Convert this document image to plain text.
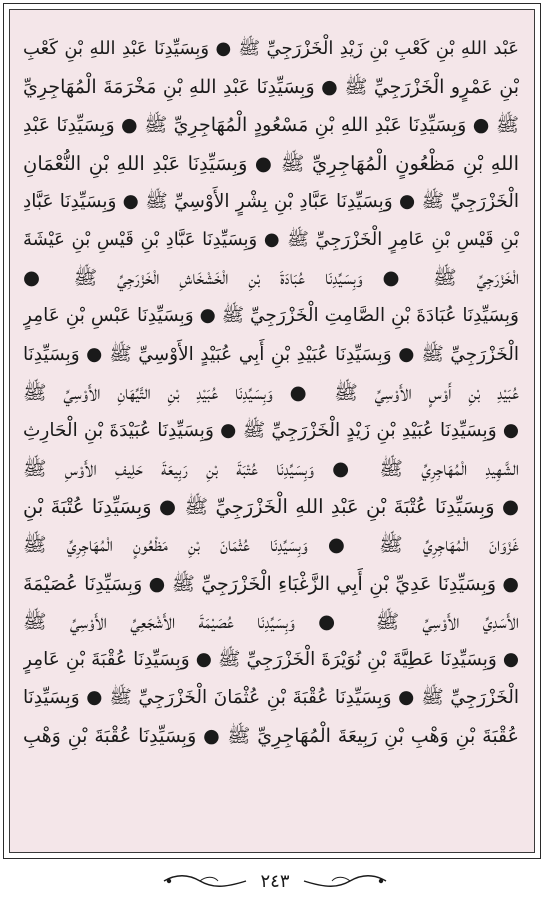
عَبْد اللهِ بْنِ كَعْبِ بْنِ زَيْدِ الْخَزْرَجِيِّ ﷺ ● وَبِسَيِّدِنَا عَبْدِ اللهِ بْنِ كَعْبِ
بْنِ عَمْرٍو الْخَزْرَجِيِّ ﷺ ● وَبِسَيِّدِنَا عَبْدِ اللهِ بْنِ مَخْرَمَةَ الْمُهَاجِرِيِّ
ﷺ ● وَبِسَيِّدِنَا عَبْدِ اللهِ بْنِ مَسْعُودٍ الْمُهَاجِرِيِّ ﷺ ● وَبِسَيِّدِنَا عَبْدِ
اللهِ بْنِ مَظْعُونٍ الْمُهَاجِرِيِّ ﷺ ● وَبِسَيِّدِنَا عَبْدِ اللهِ بْنِ النُّعْمَانِ
الْخَزْرَجِيِّ ﷺ ● وَبِسَيِّدِنَا عَبَّادِ بْنِ بِشْرٍ الأَوْسِيِّ ﷺ ● وَبِسَيِّدِنَا عَبَّادِ
بْنِ قَيْسِ بْنِ عَامِرٍ الْخَزْرَجِيِّ ﷺ ● وَبِسَيِّدِنَا عَبَّادِ بْنِ قَيْسِ بْنِ عَيْشَةَ
الْخَزْرَجِيِّ ﷺ ● وَبِسَيِّدِنَا عُبَادَةَ بْنِ الْخَشْخَاشِ الْخَزْرَجِيِّ ﷺ ●
وَبِسَيِّدِنَا عُبَادَةَ بْنِ الصَّامِتِ الْخَزْرَجِيِّ ﷺ ● وَبِسَيِّدِنَا عَبْسِ بْنِ عَامِرٍ
الْخَزْرَجِيِّ ﷺ ● وَبِسَيِّدِنَا عُبَيْدِ بْنِ أَبِي عُبَيْدٍ الأَوْسِيِّ ﷺ ● وَبِسَيِّدِنَا
عُبَيْدِ بْنِ أَوْسٍ الأَوْسِيِّ ﷺ ● وَبِسَيِّدِنَا عُبَيْدِ بْنِ التَّيِّهَانِ الأَوْسِيِّ ﷺ
● وَبِسَيِّدِنَا عُبَيْدِ بْنِ زَيْدٍ الْخَزْرَجِيِّ ﷺ ● وَبِسَيِّدِنَا عُبَيْدَةَ بْنِ الْحَارِثِ
الشَّهِيدِ الْمُهَاجِرِيِّ ﷺ ● وَبِسَيِّدِنَا عُتْبَةَ بْنِ رَبِيعَةَ حَلِيفِ الأَوْسِ ﷺ
● وَبِسَيِّدِنَا عُتْبَةَ بْنِ عَبْدِ اللهِ الْخَزْرَجِيِّ ﷺ ● وَبِسَيِّدِنَا عُتْبَةَ بْنِ
غَزْوَانَ الْمُهَاجِرِيِّ ﷺ ● وَبِسَيِّدِنَا عُثْمَانَ بْنِ مَظْعُونٍ الْمُهَاجِرِيِّ ﷺ
● وَبِسَيِّدِنَا عَدِيِّ بْنِ أَبِي الزَّغْبَاءِ الْخَزْرَجِيِّ ﷺ ● وَبِسَيِّدِنَا عُصَيْمَةَ
الأَسَدِيِّ الأَوْسِيِّ ﷺ ● وَبِسَيِّدِنَا عُصَيْمَةَ الأَشْجَعِيِّ الأَوْسِيِّ ﷺ
● وَبِسَيِّدِنَا عَطِيَّةَ بْنِ نُوَيْرَةَ الْخَزْرَجِيِّ ﷺ ● وَبِسَيِّدِنَا عُقْبَةَ بْنِ عَامِرٍ
الْخَزْرَجِيِّ ﷺ ● وَبِسَيِّدِنَا عُقْبَةَ بْنِ عُثْمَانَ الْخَزْرَجِيِّ ﷺ ● وَبِسَيِّدِنَا
عُقْبَةَ بْنِ وَهْبِ بْنِ رَبِيعَةَ الْمُهَاجِرِيِّ ﷺ ● وَبِسَيِّدِنَا عُقْبَةَ بْنِ وَهْبِ
٢٤٣
